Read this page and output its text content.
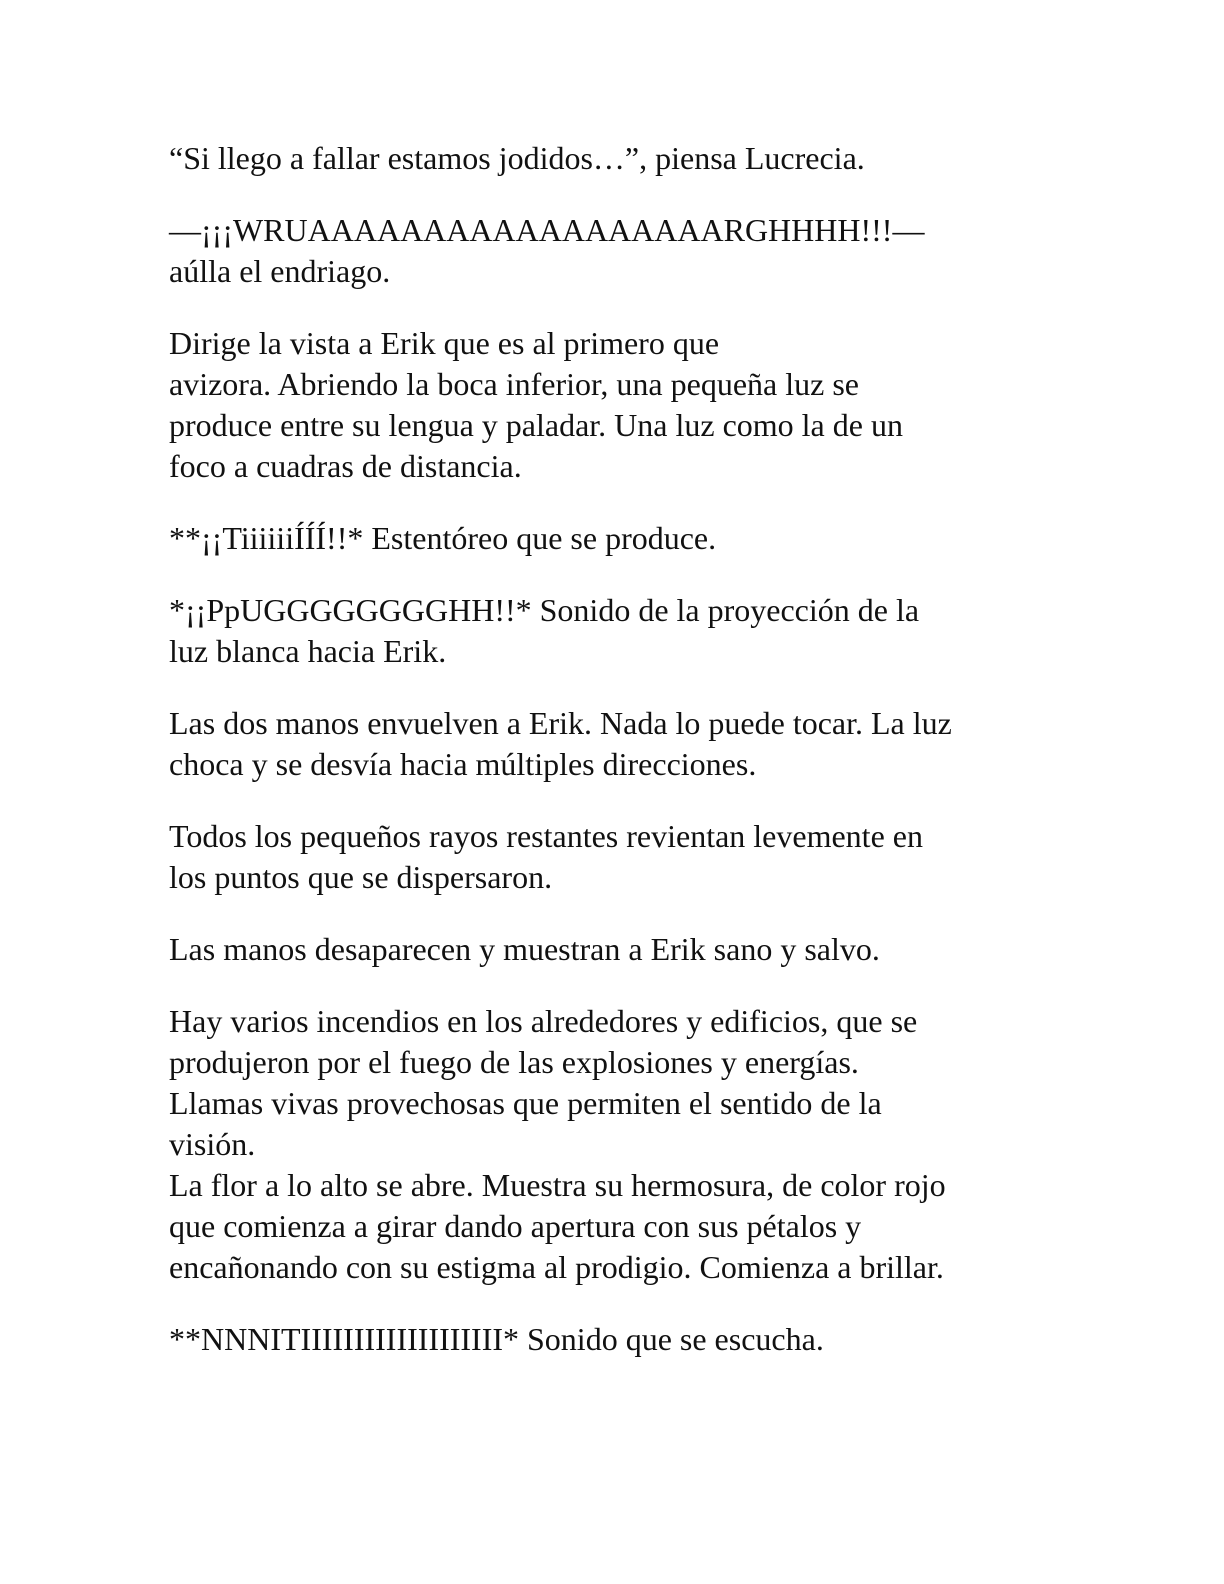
“Si llego a fallar estamos jodidos…”, piensa Lucrecia.

—¡¡¡WRUAAAAAAAAAAAAAAAAAARGHHHH!!!—
aúlla el endriago.

Dirige la vista a Erik que es al primero que
avizora. Abriendo la boca inferior, una pequeña luz se
produce entre su lengua y paladar. Una luz como la de un
foco a cuadras de distancia.

**¡¡TiiiiiiÍÍÍ!!* Estentóreo que se produce.

*¡¡PpUGGGGGGGGHH!!* Sonido de la proyección de la
luz blanca hacia Erik.

Las dos manos envuelven a Erik. Nada lo puede tocar. La luz
choca y se desvía hacia múltiples direcciones.

Todos los pequeños rayos restantes revientan levemente en
los puntos que se dispersaron.

Las manos desaparecen y muestran a Erik sano y salvo.

Hay varios incendios en los alrededores y edificios, que se
produjeron por el fuego de las explosiones y energías.
Llamas vivas provechosas que permiten el sentido de la
visión.
La flor a lo alto se abre. Muestra su hermosura, de color rojo
que comienza a girar dando apertura con sus pétalos y
encañonando con su estigma al prodigio. Comienza a brillar.

**NNNITIIIIIIIIIIIIIIIIIII* Sonido que se escucha.
